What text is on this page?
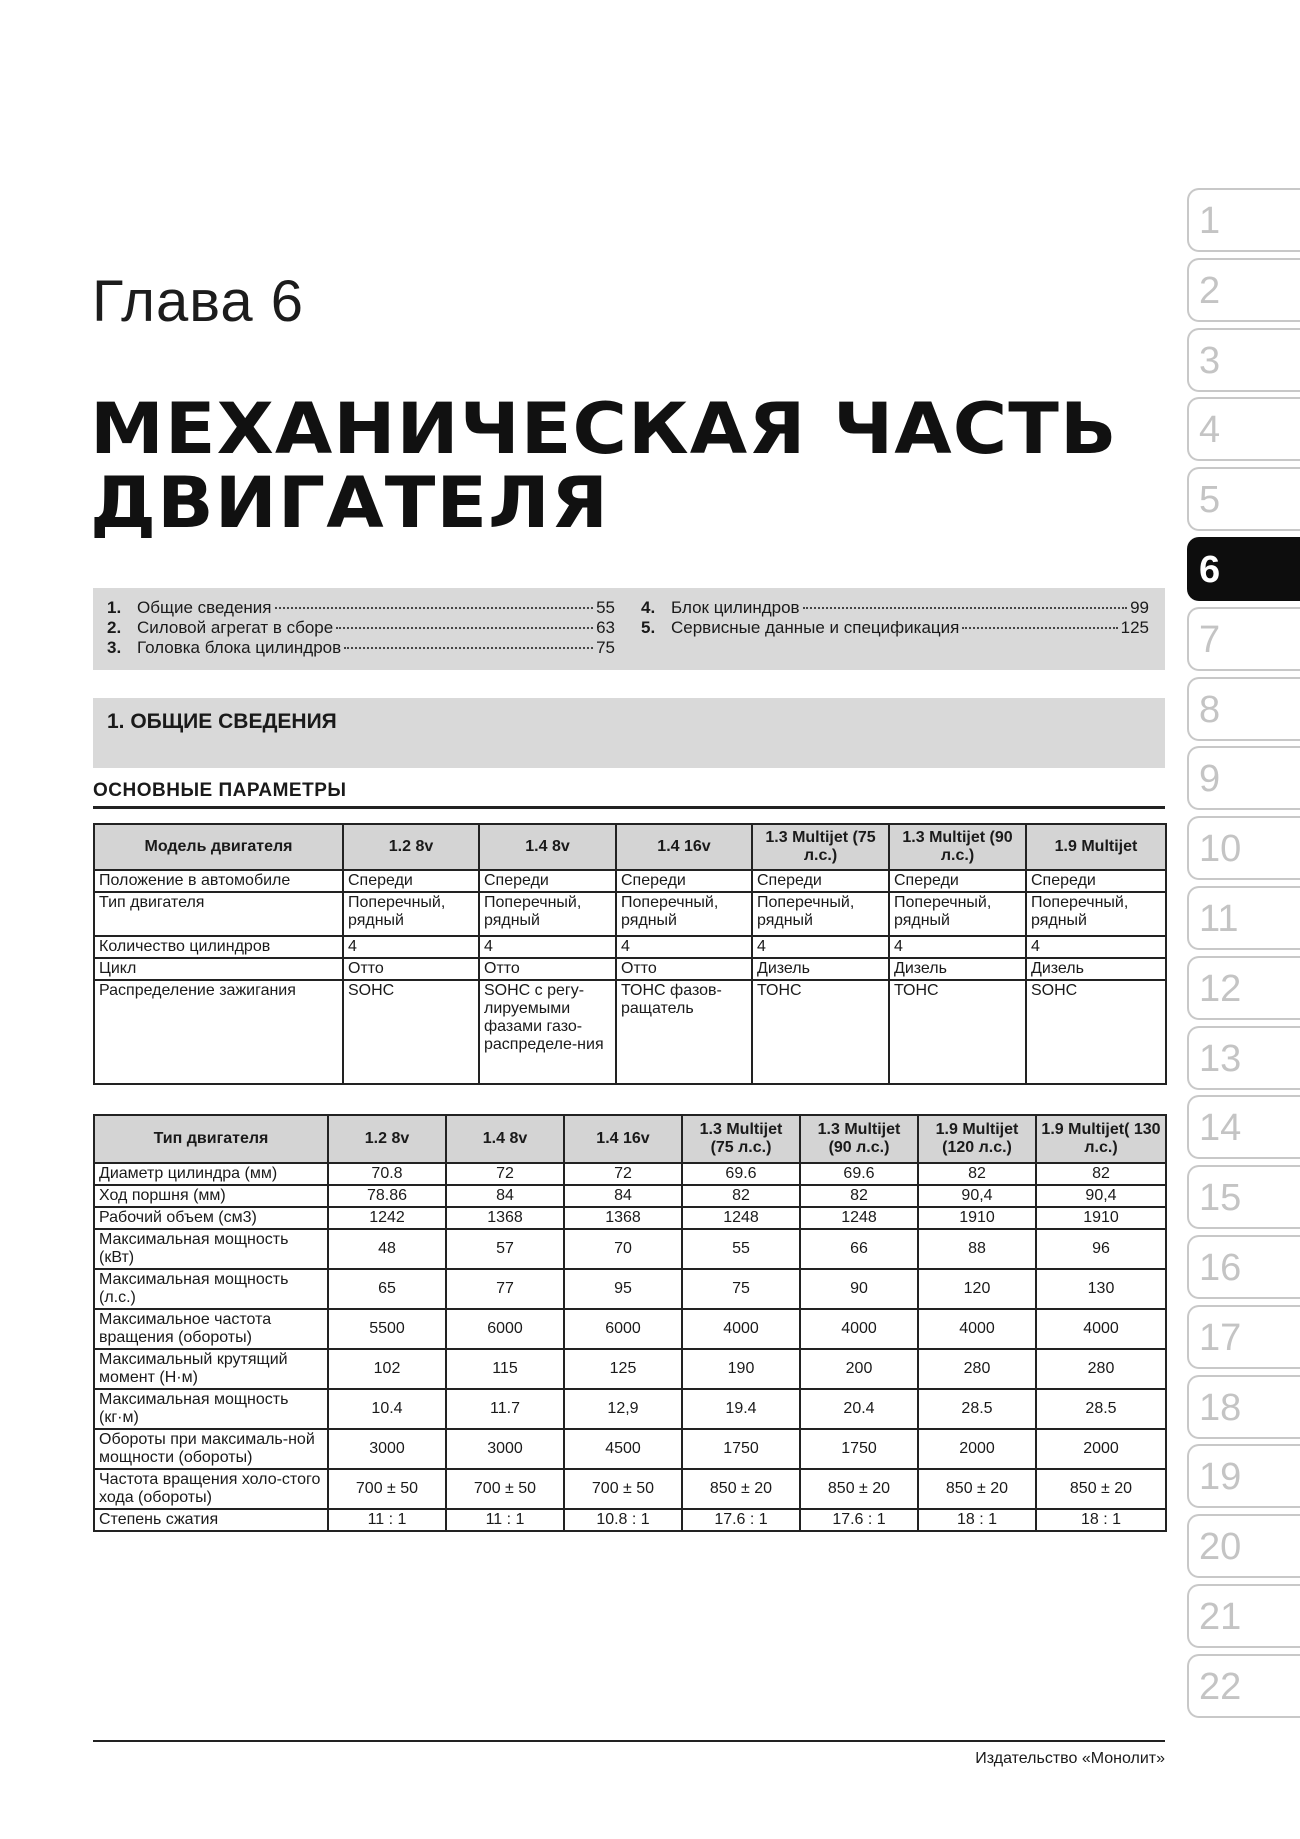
Глава 6
МЕХАНИЧЕСКАЯ ЧАСТЬ
ДВИГАТЕЛЯ
1. Общие сведения	55
2. Силовой агрегат в сборе	63
3. Головка блока цилиндров	75
4. Блок цилиндров	99
5. Сервисные данные и спецификация	125
1. ОБЩИЕ СВЕДЕНИЯ
ОСНОВНЫЕ ПАРАМЕТРЫ
Модель двигателя	1.2 8v	1.4 8v	1.4 16v	1.3 Multijet (75 л.с.)	1.3 Multijet (90 л.с.)	1.9 Multijet
Положение в автомобиле	Спереди	Спереди	Спереди	Спереди	Спереди	Спереди
Тип двигателя	Поперечный, рядный	Поперечный, рядный	Поперечный, рядный	Поперечный, рядный	Поперечный, рядный	Поперечный, рядный
Количество цилиндров	4	4	4	4	4	4
Цикл	Отто	Отто	Отто	Дизель	Дизель	Дизель
Распределение зажигания	SOHC	SOHC с регу-лируемыми фазами газо-распределе-ния	ТОНС фазов-ращатель	ТОНС	ТОНС	SOHC
Тип двигателя	1.2 8v	1.4 8v	1.4 16v	1.3 Multijet (75 л.с.)	1.3 Multijet (90 л.с.)	1.9 Multijet (120 л.с.)	1.9 Multijet( 130 л.с.)
Диаметр цилиндра (мм)	70.8	72	72	69.6	69.6	82	82
Ход поршня (мм)	78.86	84	84	82	82	90,4	90,4
Рабочий объем (см3)	1242	1368	1368	1248	1248	1910	1910
Максимальная мощность (кВт)	48	57	70	55	66	88	96
Максимальная мощность (л.с.)	65	77	95	75	90	120	130
Максимальное частота вращения (обороты)	5500	6000	6000	4000	4000	4000	4000
Максимальный крутящий момент (Н·м)	102	115	125	190	200	280	280
Максимальная мощность (кг·м)	10.4	11.7	12,9	19.4	20.4	28.5	28.5
Обороты при максималь-ной мощности (обороты)	3000	3000	4500	1750	1750	2000	2000
Частота вращения холо-стого хода (обороты)	700 ± 50	700 ± 50	700 ± 50	850 ± 20	850 ± 20	850 ± 20	850 ± 20
Степень сжатия	11 : 1	11 : 1	10.8 : 1	17.6 : 1	17.6 : 1	18 : 1	18 : 1
1
2
3
4
5
6
7
8
9
10
11
12
13
14
15
16
17
18
19
20
21
22
Издательство «Монолит»
